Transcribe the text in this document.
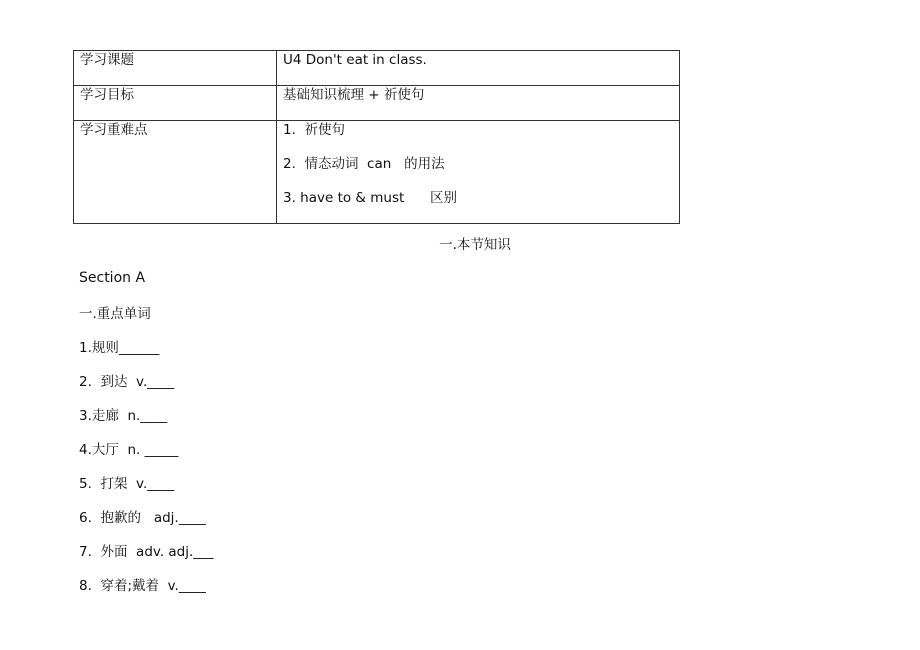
学习课题	U4 Don't eat in class.
学习目标	基础知识梳理 + 祈使句
学习重难点	1.  祈使句
2.  情态动词  can   的用法
3. have to & must      区别
一.本节知识
Section A
一.重点单词
1.规则______
2.  到达  v.____
3.走廊  n.____
4.大厅  n. _____
5.  打架  v.____
6.  抱歉的   adj.____
7.  外面  adv. adj.___
8.  穿着;戴着  v.____
